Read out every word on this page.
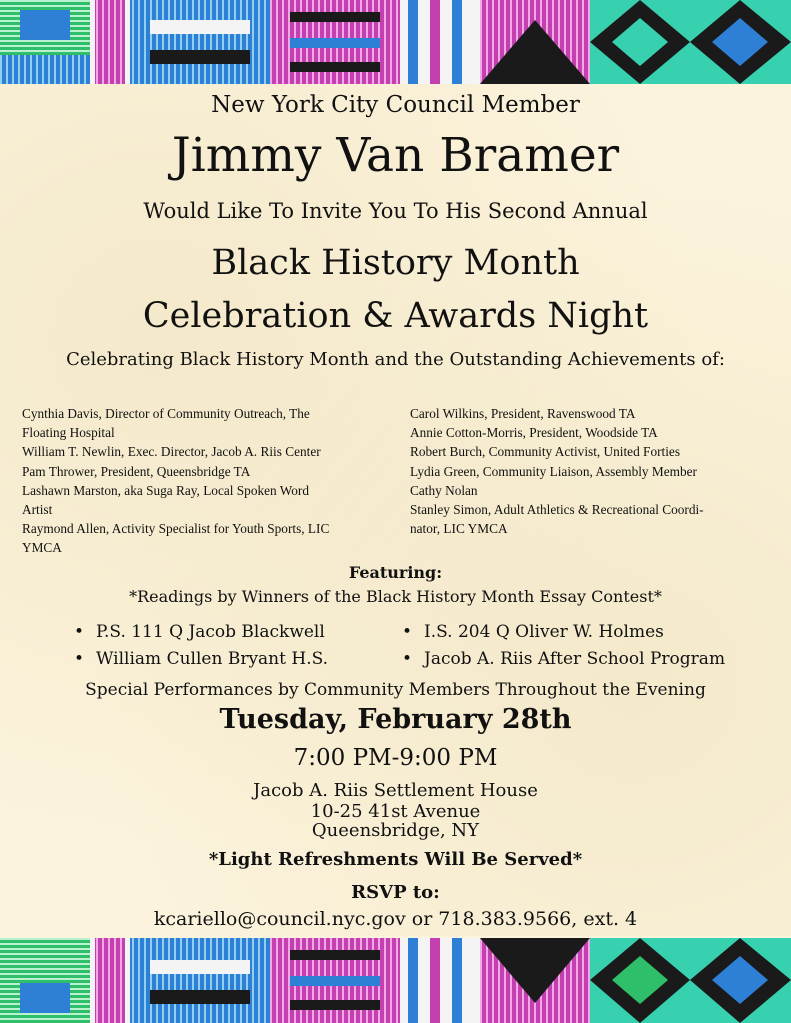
New York City Council Member
Jimmy Van Bramer
Would Like To Invite You To His Second Annual
Black History Month
Celebration & Awards Night
Celebrating Black History Month and the Outstanding Achievements of:
Cynthia Davis, Director of Community Outreach, The
Floating Hospital
William T. Newlin, Exec. Director, Jacob A. Riis Center
Pam Thrower, President, Queensbridge TA
Lashawn Marston, aka Suga Ray, Local Spoken Word
Artist
Raymond Allen, Activity Specialist for Youth Sports, LIC
YMCA
Carol Wilkins, President, Ravenswood TA
Annie Cotton-Morris, President, Woodside TA
Robert Burch, Community Activist, United Forties
Lydia Green, Community Liaison, Assembly Member
Cathy Nolan
Stanley Simon, Adult Athletics & Recreational Coordi-
nator, LIC YMCA
Featuring:
*Readings by Winners of the Black History Month Essay Contest*
• P.S. 111 Q Jacob Blackwell	• I.S. 204 Q Oliver W. Holmes
• William Cullen Bryant H.S.	• Jacob A. Riis After School Program
Special Performances by Community Members Throughout the Evening
Tuesday, February 28th
7:00 PM-9:00 PM
Jacob A. Riis Settlement House
10-25 41st Avenue
Queensbridge, NY
*Light Refreshments Will Be Served*
RSVP to:
kcariello@council.nyc.gov or 718.383.9566, ext. 4
